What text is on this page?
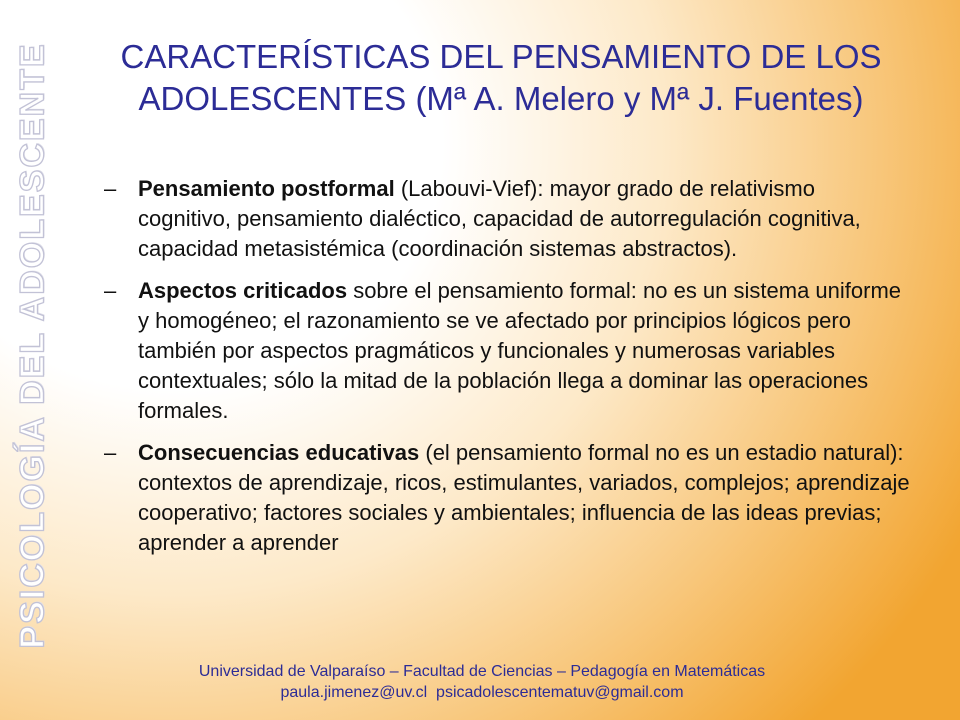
PSICOLOGÍA DEL ADOLESCENTE	CARACTERÍSTICAS DEL PENSAMIENTO DE LOS
ADOLESCENTES (Mª A. Melero y Mª J. Fuentes)
– Pensamiento postformal (Labouvi-Vief): mayor grado de relativismo cognitivo, pensamiento dialéctico, capacidad de autorregulación cognitiva, capacidad metasistémica (coordinación sistemas abstractos).
– Aspectos criticados sobre el pensamiento formal: no es un sistema uniforme y homogéneo; el razonamiento se ve afectado por principios lógicos pero también por aspectos pragmáticos y funcionales y numerosas variables contextuales; sólo la mitad de la población llega a dominar las operaciones formales.
– Consecuencias educativas (el pensamiento formal no es un estadio natural): contextos de aprendizaje, ricos, estimulantes, variados, complejos; aprendizaje cooperativo; factores sociales y ambientales; influencia de las ideas previas; aprender a aprender
Universidad de Valparaíso – Facultad de Ciencias – Pedagogía en Matemáticas
paula.jimenez@uv.cl  psicadolescentematuv@gmail.com
